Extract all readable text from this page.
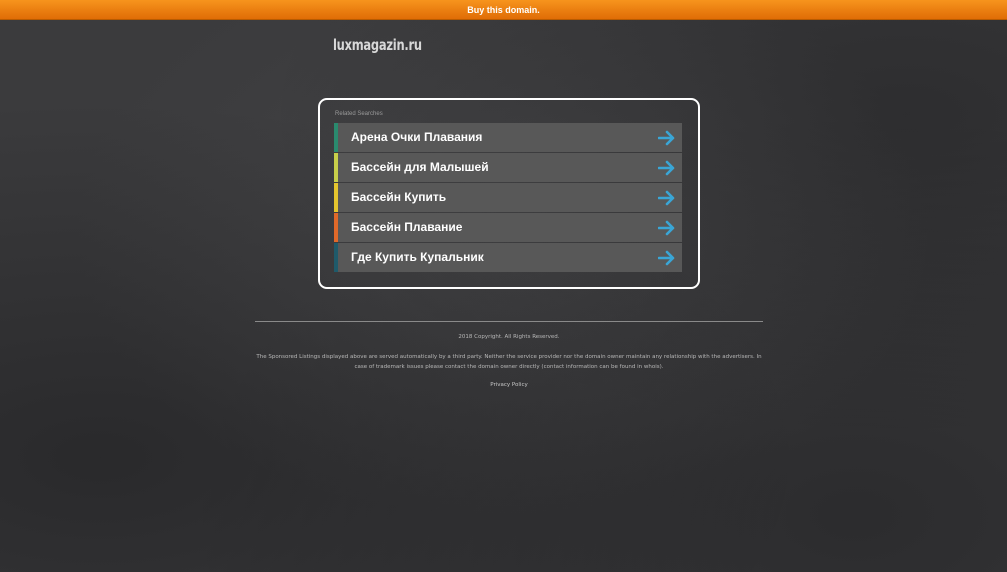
Buy this domain.
luxmagazin.ru
Related Searches
Арена Очки Плавания
Бассейн для Малышей
Бассейн Купить
Бассейн Плавание
Где Купить Купальник
2018 Copyright. All Rights Reserved.
The Sponsored Listings displayed above are served automatically by a third party. Neither the service provider nor the domain owner maintain any relationship with the advertisers. In case of trademark issues please contact the domain owner directly (contact information can be found in whois).
Privacy Policy
